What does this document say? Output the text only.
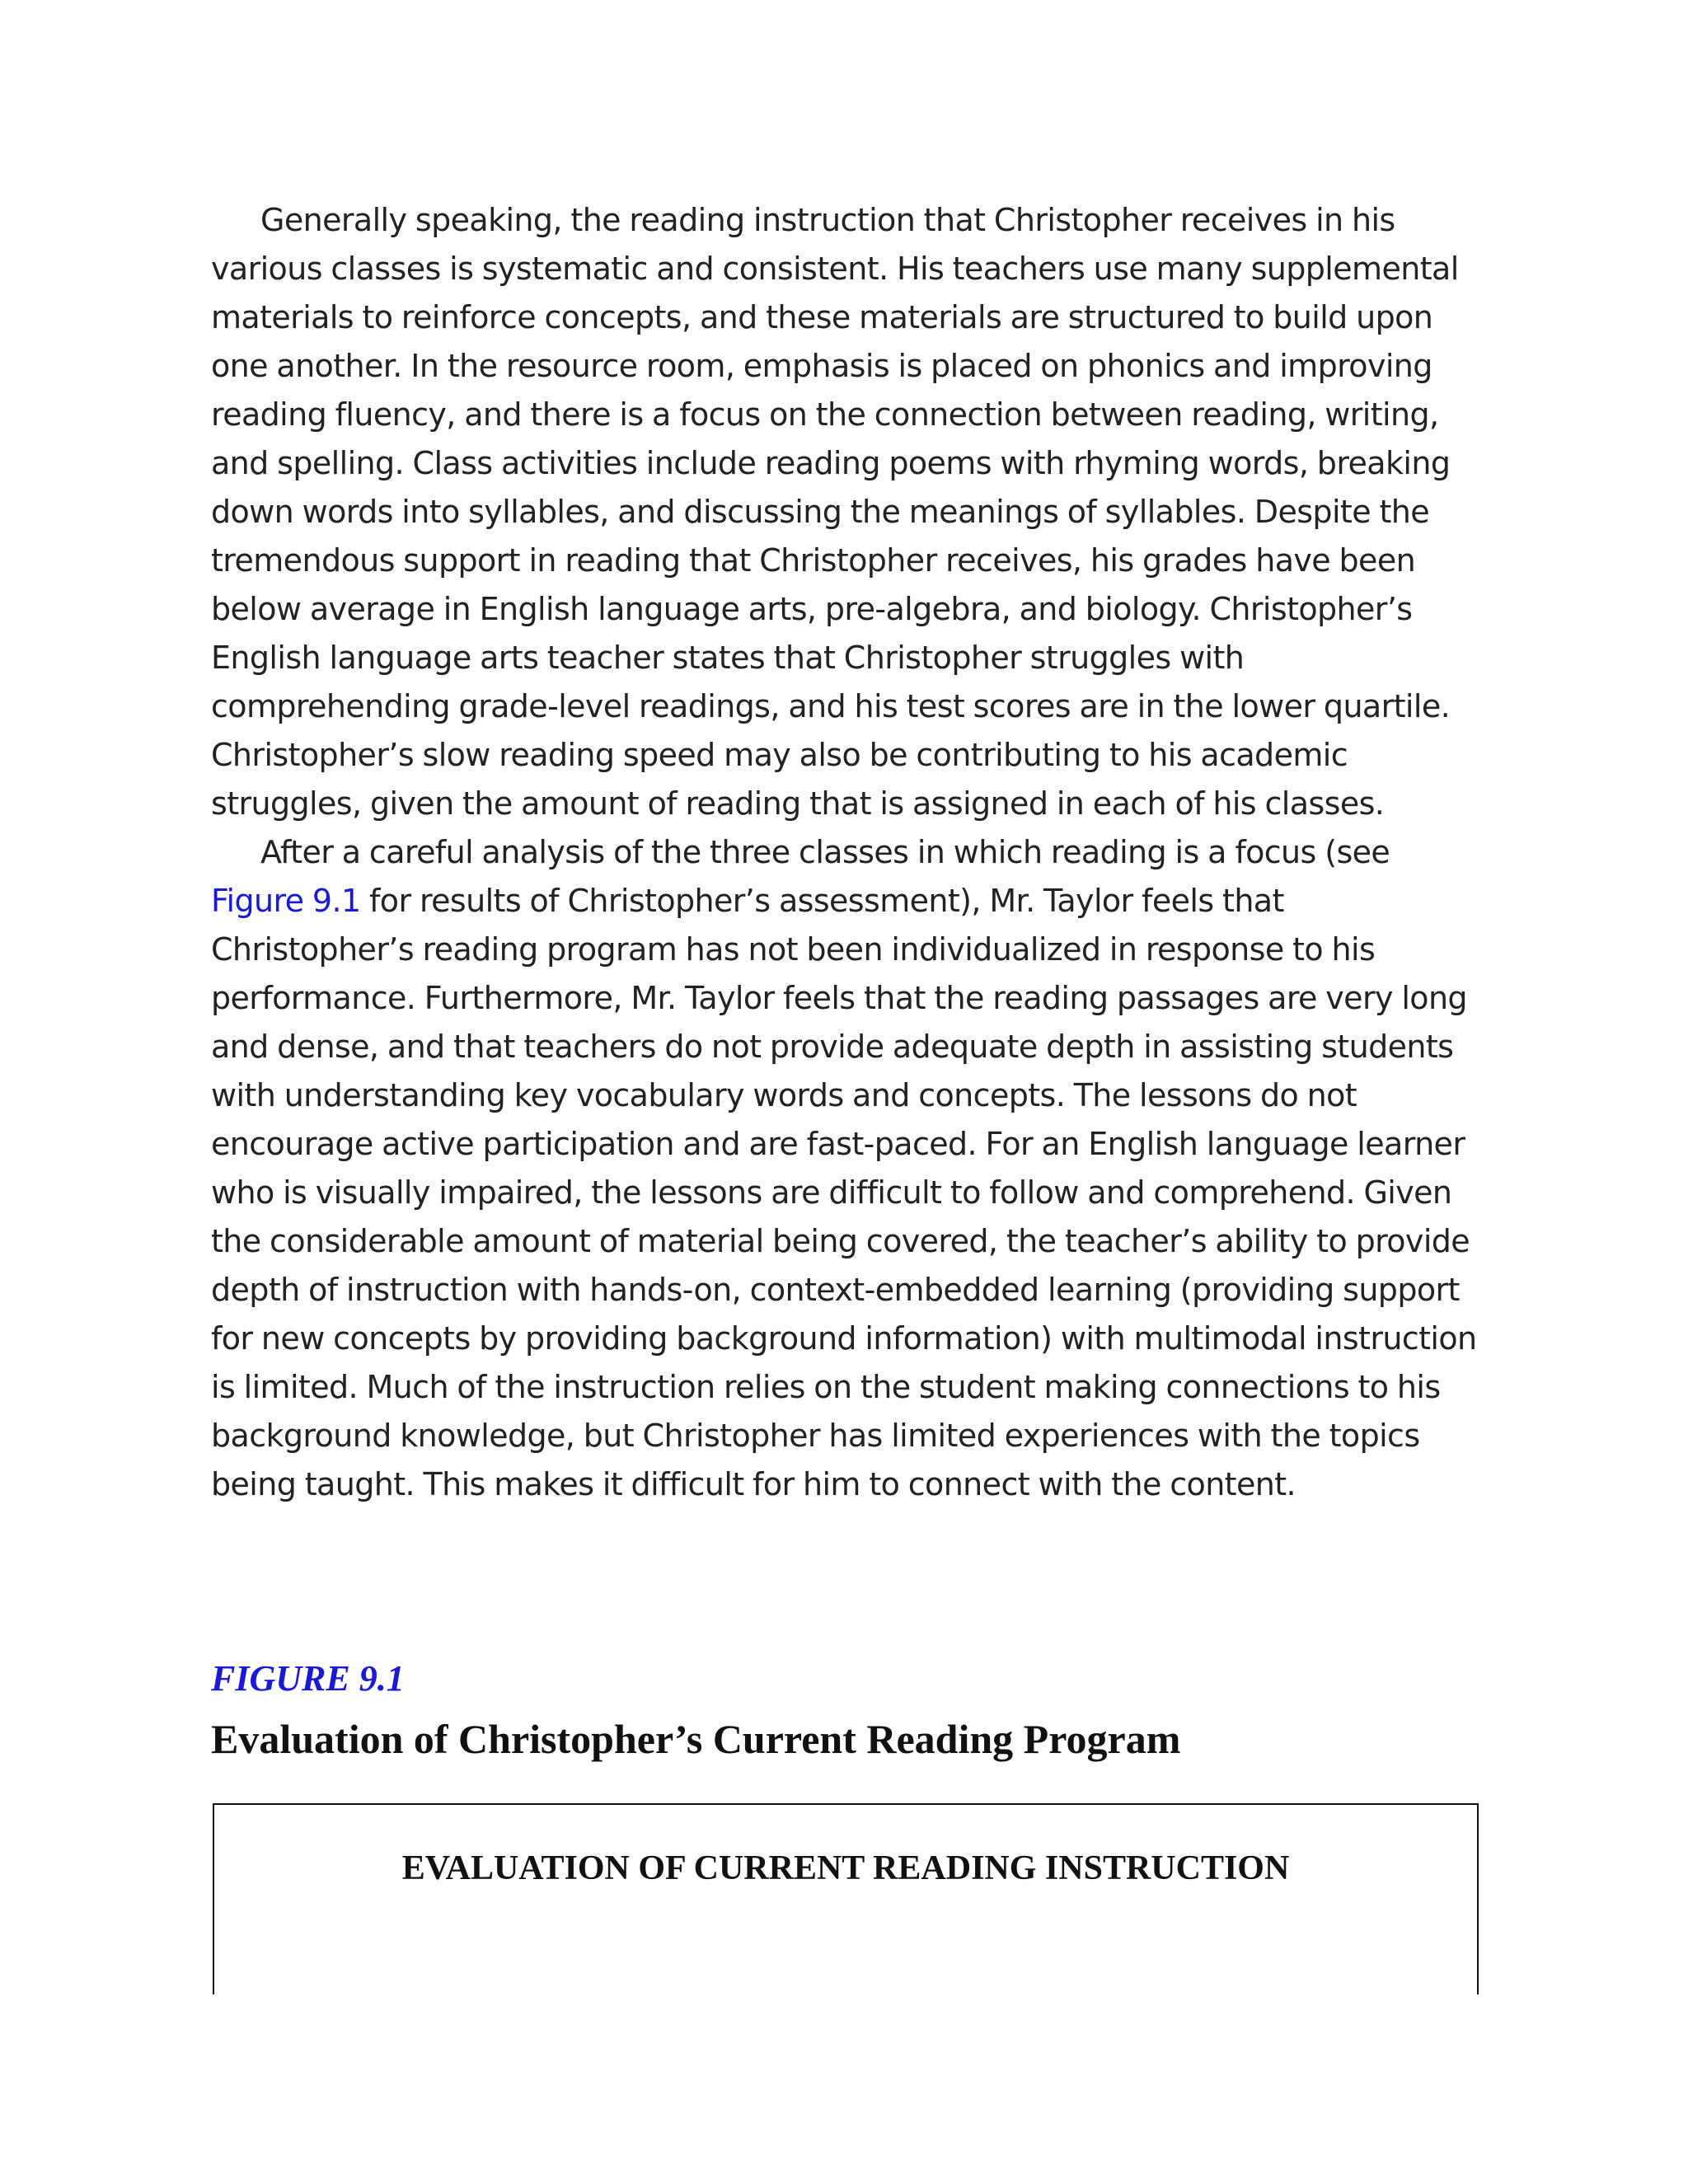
Generally speaking, the reading instruction that Christopher receives in his various classes is systematic and consistent. His teachers use many supplemental materials to reinforce concepts, and these materials are structured to build upon one another. In the resource room, emphasis is placed on phonics and improving reading fluency, and there is a focus on the connection between reading, writing, and spelling. Class activities include reading poems with rhyming words, breaking down words into syllables, and discussing the meanings of syllables. Despite the tremendous support in reading that Christopher receives, his grades have been below average in English language arts, pre-algebra, and biology. Christopher’s English language arts teacher states that Christopher struggles with comprehending grade-level readings, and his test scores are in the lower quartile. Christopher’s slow reading speed may also be contributing to his academic struggles, given the amount of reading that is assigned in each of his classes.

After a careful analysis of the three classes in which reading is a focus (see Figure 9.1 for results of Christopher’s assessment), Mr. Taylor feels that Christopher’s reading program has not been individualized in response to his performance. Furthermore, Mr. Taylor feels that the reading passages are very long and dense, and that teachers do not provide adequate depth in assisting students with understanding key vocabulary words and concepts. The lessons do not encourage active participation and are fast-paced. For an English language learner who is visually impaired, the lessons are difficult to follow and comprehend. Given the considerable amount of material being covered, the teacher’s ability to provide depth of instruction with hands-on, context-embedded learning (providing support for new concepts by providing background information) with multimodal instruction is limited. Much of the instruction relies on the student making connections to his background knowledge, but Christopher has limited experiences with the topics being taught. This makes it difficult for him to connect with the content.

FIGURE 9.1
Evaluation of Christopher’s Current Reading Program
EVALUATION OF CURRENT READING INSTRUCTION
